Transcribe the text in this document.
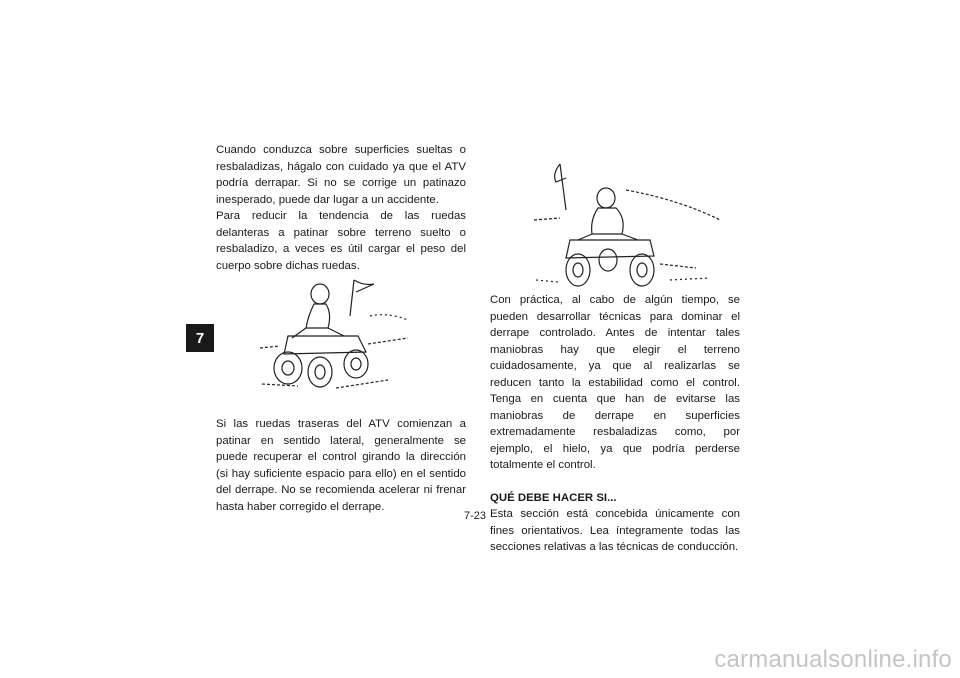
7

Cuando conduzca sobre superficies sueltas o resbaladizas, hágalo con cuidado ya que el ATV podría derrapar. Si no se corrige un patinazo inesperado, puede dar lugar a un accidente.

Para reducir la tendencia de las ruedas delanteras a patinar sobre terreno suelto o resbaladizo, a veces es útil cargar el peso del cuerpo sobre dichas ruedas.

Si las ruedas traseras del ATV comienzan a patinar en sentido lateral, generalmente se puede recuperar el control girando la dirección (si hay suficiente espacio para ello) en el sentido del derrape. No se recomienda acelerar ni frenar hasta haber corregido el derrape.

Con práctica, al cabo de algún tiempo, se pueden desarrollar técnicas para dominar el derrape controlado. Antes de intentar tales maniobras hay que elegir el terreno cuidadosamente, ya que al realizarlas se reducen tanto la estabilidad como el control. Tenga en cuenta que han de evitarse las maniobras de derrape en superficies extremadamente resbaladizas como, por ejemplo, el hielo, ya que podría perderse totalmente el control.

QUÉ DEBE HACER SI...

Esta sección está concebida únicamente con fines orientativos. Lea íntegramente todas las secciones relativas a las técnicas de conducción.

7-23
carmanualsonline.info
